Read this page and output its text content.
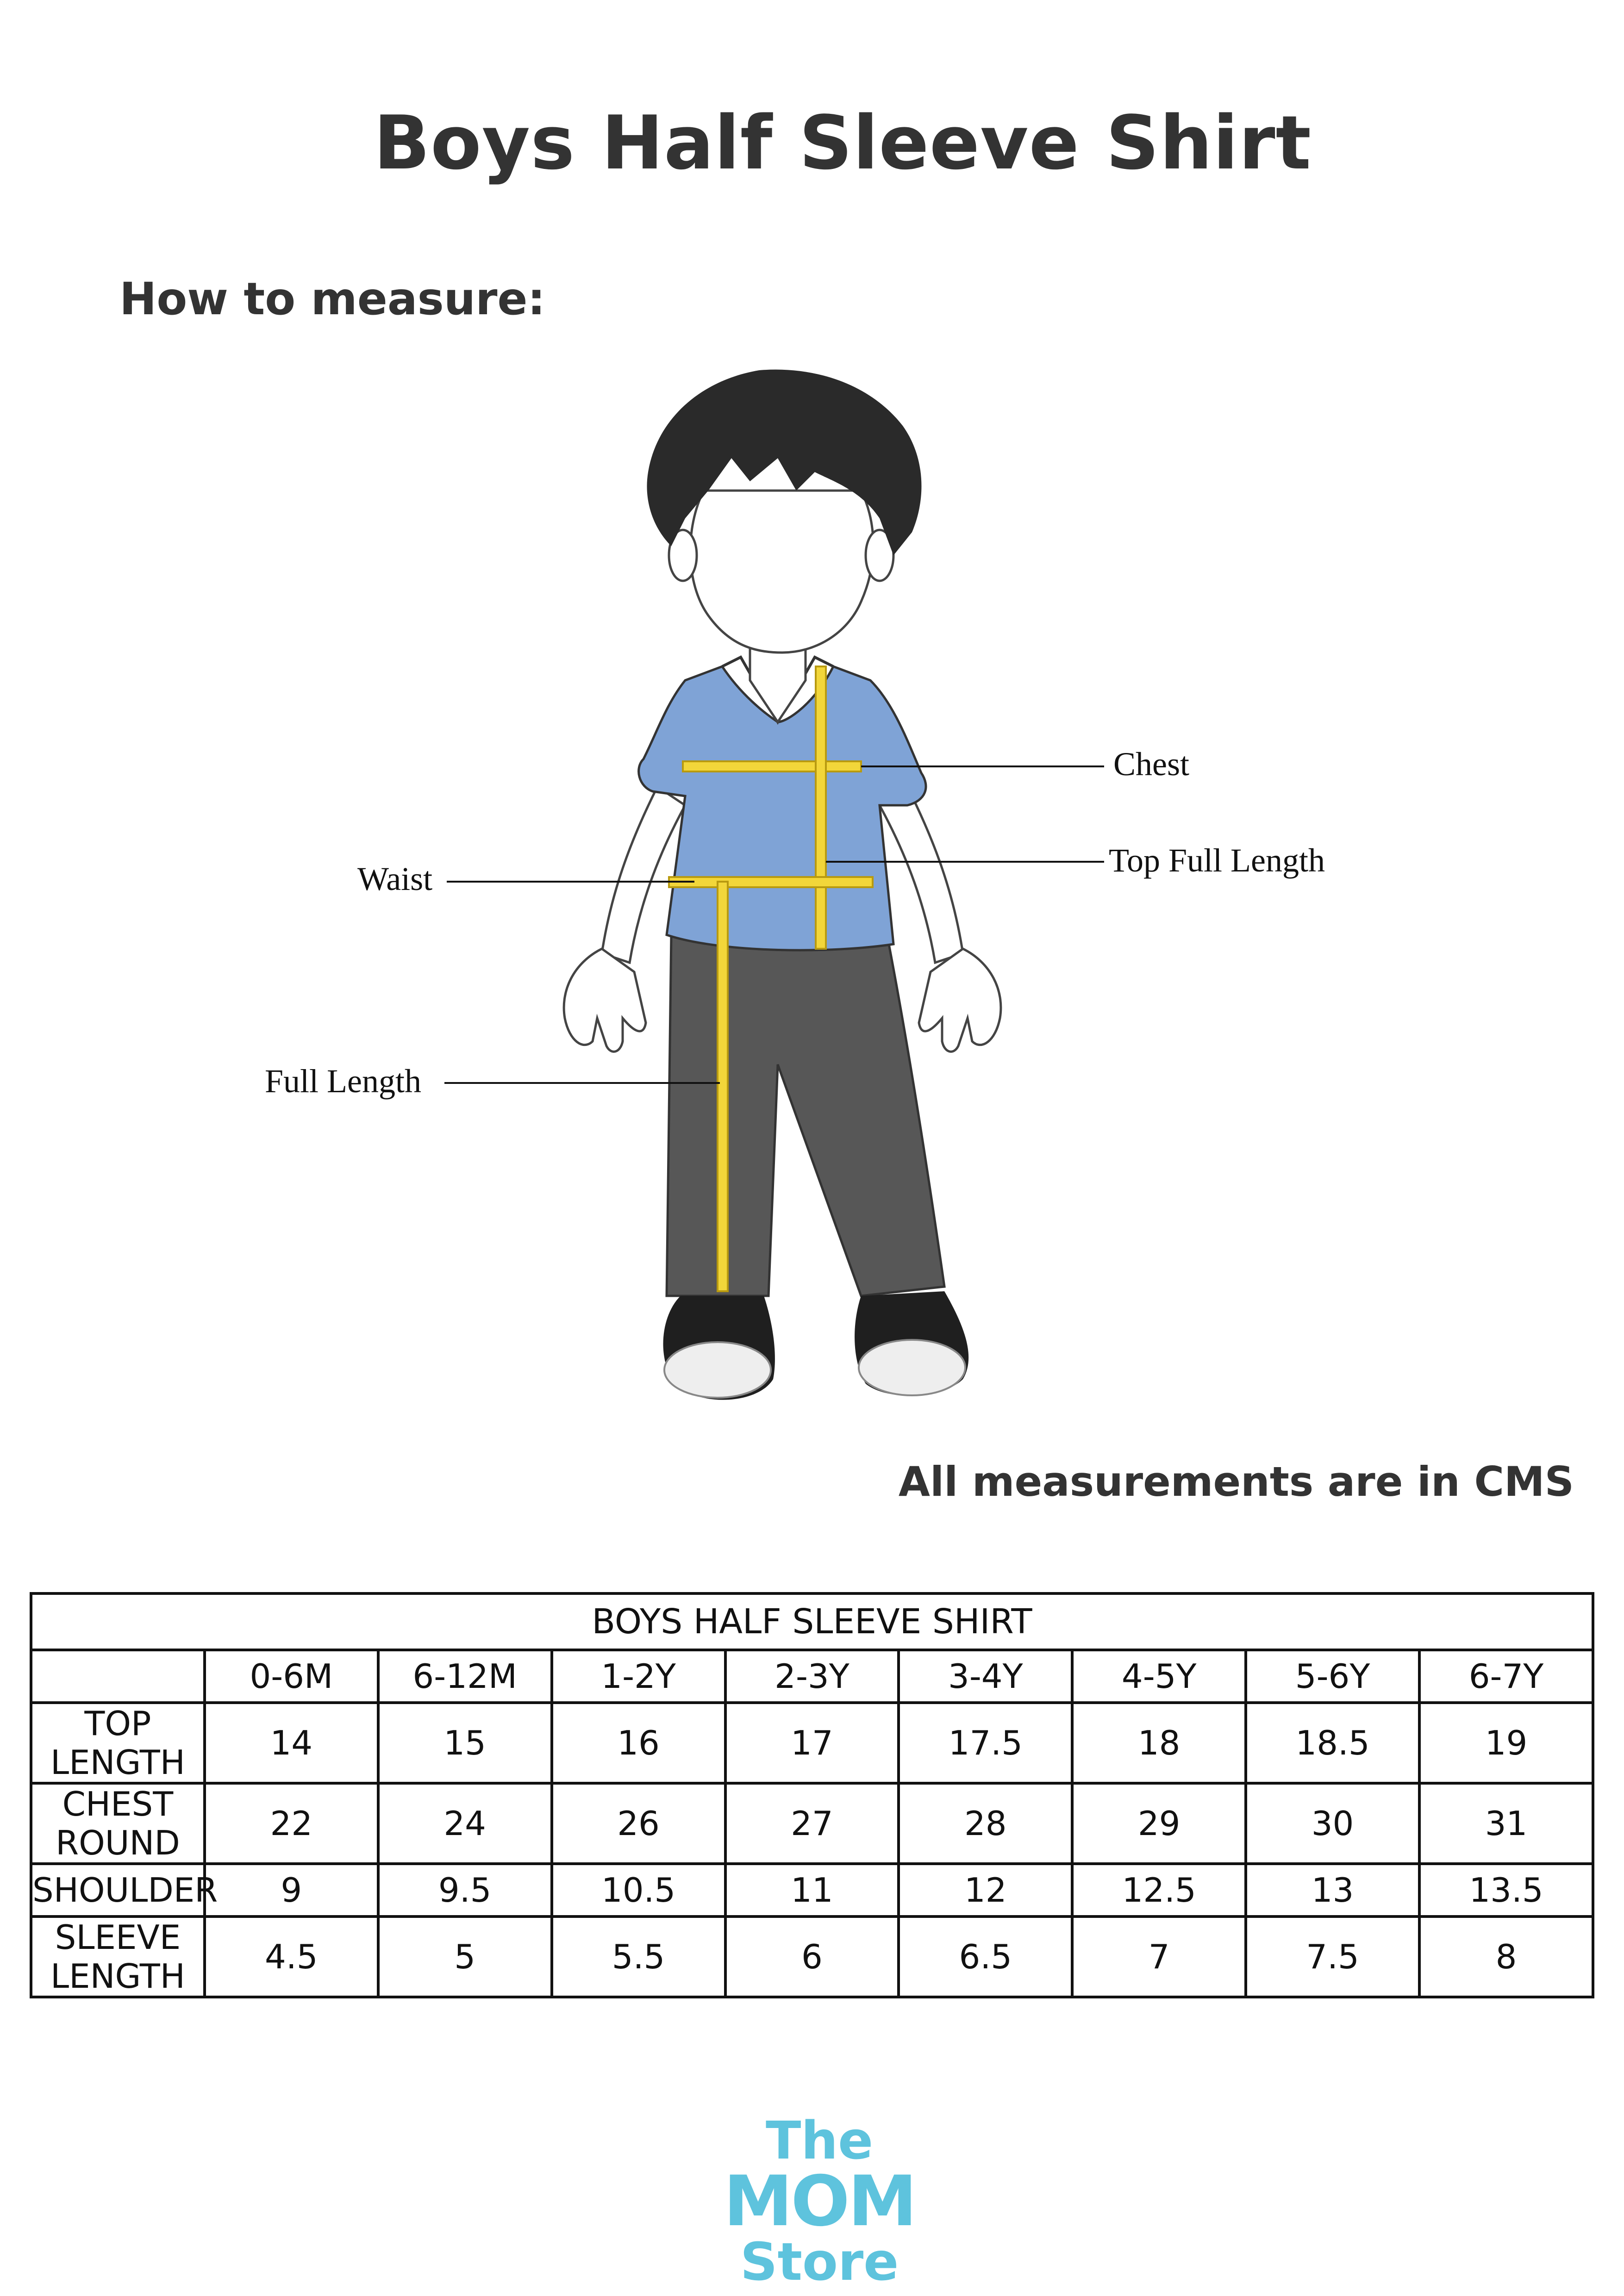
Boys Half Sleeve Shirt
How to measure:
Chest
Top Full Length
Waist
Full Length
All measurements are in CMS
BOYS HALF SLEEVE SHIRT								
	0-6M	6-12M	1-2Y	2-3Y	3-4Y	4-5Y	5-6Y	6-7Y
TOP LENGTH	14	15	16	17	17.5	18	18.5	19
CHEST ROUND	22	24	26	27	28	29	30	31
SHOULDER	9	9.5	10.5	11	12	12.5	13	13.5
SLEEVE LENGTH	4.5	5	5.5	6	6.5	7	7.5	8
The
MOM
Store
